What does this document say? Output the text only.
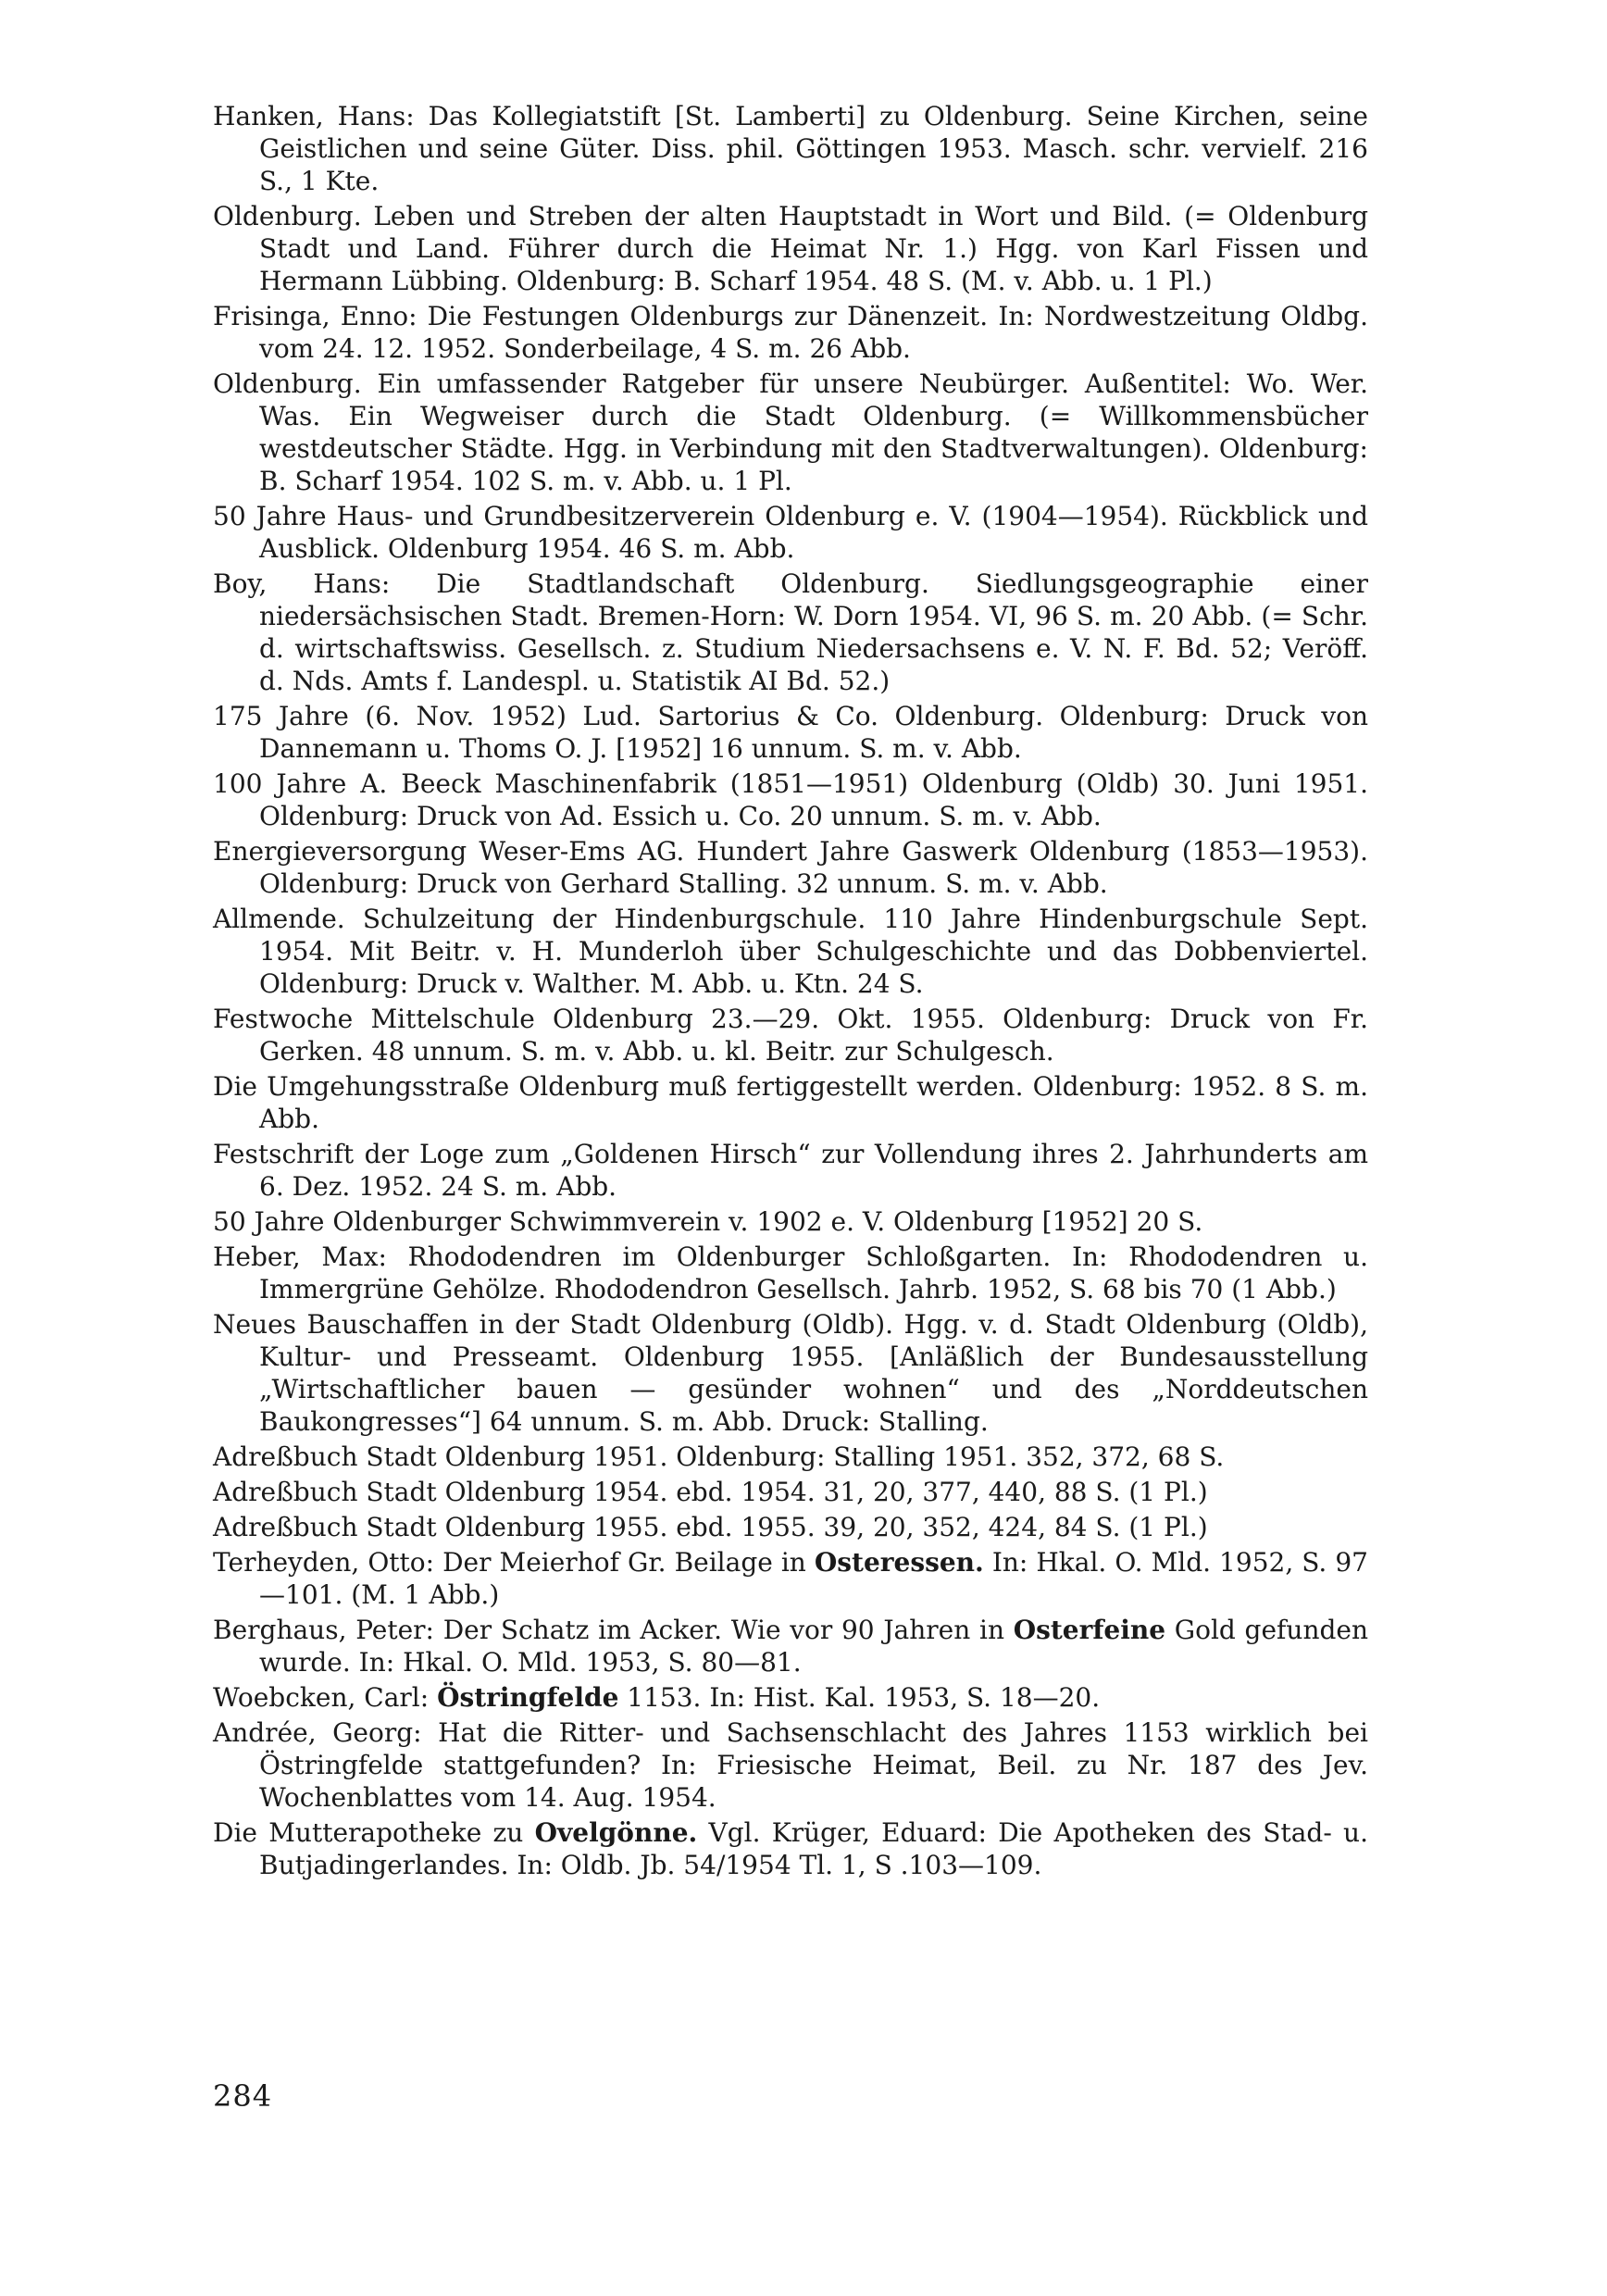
Hanken, Hans: Das Kollegiatstift [St. Lamberti] zu Oldenburg. Seine Kirchen, seine Geistlichen und seine Güter. Diss. phil. Göttingen 1953. Masch. schr. vervielf. 216 S., 1 Kte.

Oldenburg. Leben und Streben der alten Hauptstadt in Wort und Bild. (= Oldenburg Stadt und Land. Führer durch die Heimat Nr. 1.) Hgg. von Karl Fissen und Hermann Lübbing. Oldenburg: B. Scharf 1954. 48 S. (M. v. Abb. u. 1 Pl.)

Frisinga, Enno: Die Festungen Oldenburgs zur Dänenzeit. In: Nordwestzeitung Oldbg. vom 24. 12. 1952. Sonderbeilage, 4 S. m. 26 Abb.

Oldenburg. Ein umfassender Ratgeber für unsere Neubürger. Außentitel: Wo. Wer. Was. Ein Wegweiser durch die Stadt Oldenburg. (= Willkommensbücher westdeutscher Städte. Hgg. in Verbindung mit den Stadtverwaltungen). Oldenburg: B. Scharf 1954. 102 S. m. v. Abb. u. 1 Pl.

50 Jahre Haus- und Grundbesitzerverein Oldenburg e. V. (1904—1954). Rückblick und Ausblick. Oldenburg 1954. 46 S. m. Abb.

Boy, Hans: Die Stadtlandschaft Oldenburg. Siedlungsgeographie einer niedersächsischen Stadt. Bremen-Horn: W. Dorn 1954. VI, 96 S. m. 20 Abb. (= Schr. d. wirtschaftswiss. Gesellsch. z. Studium Niedersachsens e. V. N. F. Bd. 52; Veröff. d. Nds. Amts f. Landespl. u. Statistik AI Bd. 52.)

175 Jahre (6. Nov. 1952) Lud. Sartorius & Co. Oldenburg. Oldenburg: Druck von Dannemann u. Thoms O. J. [1952] 16 unnum. S. m. v. Abb.

100 Jahre A. Beeck Maschinenfabrik (1851—1951) Oldenburg (Oldb) 30. Juni 1951. Oldenburg: Druck von Ad. Essich u. Co. 20 unnum. S. m. v. Abb.

Energieversorgung Weser-Ems AG. Hundert Jahre Gaswerk Oldenburg (1853—1953). Oldenburg: Druck von Gerhard Stalling. 32 unnum. S. m. v. Abb.

Allmende. Schulzeitung der Hindenburgschule. 110 Jahre Hindenburgschule Sept. 1954. Mit Beitr. v. H. Munderloh über Schulgeschichte und das Dobbenviertel. Oldenburg: Druck v. Walther. M. Abb. u. Ktn. 24 S.

Festwoche Mittelschule Oldenburg 23.—29. Okt. 1955. Oldenburg: Druck von Fr. Gerken. 48 unnum. S. m. v. Abb. u. kl. Beitr. zur Schulgesch.

Die Umgehungsstraße Oldenburg muß fertiggestellt werden. Oldenburg: 1952. 8 S. m. Abb.

Festschrift der Loge zum „Goldenen Hirsch“ zur Vollendung ihres 2. Jahrhunderts am 6. Dez. 1952. 24 S. m. Abb.

50 Jahre Oldenburger Schwimmverein v. 1902 e. V. Oldenburg [1952] 20 S.

Heber, Max: Rhododendren im Oldenburger Schloßgarten. In: Rhododendren u. Immergrüne Gehölze. Rhododendron Gesellsch. Jahrb. 1952, S. 68 bis 70 (1 Abb.)

Neues Bauschaffen in der Stadt Oldenburg (Oldb). Hgg. v. d. Stadt Oldenburg (Oldb), Kultur- und Presseamt. Oldenburg 1955. [Anläßlich der Bundesausstellung „Wirtschaftlicher bauen — gesünder wohnen“ und des „Norddeutschen Baukongresses“] 64 unnum. S. m. Abb. Druck: Stalling.

Adreßbuch Stadt Oldenburg 1951. Oldenburg: Stalling 1951. 352, 372, 68 S.

Adreßbuch Stadt Oldenburg 1954. ebd. 1954. 31, 20, 377, 440, 88 S. (1 Pl.)

Adreßbuch Stadt Oldenburg 1955. ebd. 1955. 39, 20, 352, 424, 84 S. (1 Pl.)

Terheyden, Otto: Der Meierhof Gr. Beilage in Osteressen. In: Hkal. O. Mld. 1952, S. 97—101. (M. 1 Abb.)

Berghaus, Peter: Der Schatz im Acker. Wie vor 90 Jahren in Osterfeine Gold gefunden wurde. In: Hkal. O. Mld. 1953, S. 80—81.

Woebcken, Carl: Östringfelde 1153. In: Hist. Kal. 1953, S. 18—20.

Andrée, Georg: Hat die Ritter- und Sachsenschlacht des Jahres 1153 wirklich bei Östringfelde stattgefunden? In: Friesische Heimat, Beil. zu Nr. 187 des Jev. Wochenblattes vom 14. Aug. 1954.

Die Mutterapotheke zu Ovelgönne. Vgl. Krüger, Eduard: Die Apotheken des Stad- u. Butjadingerlandes. In: Oldb. Jb. 54/1954 Tl. 1, S .103—109.

284
